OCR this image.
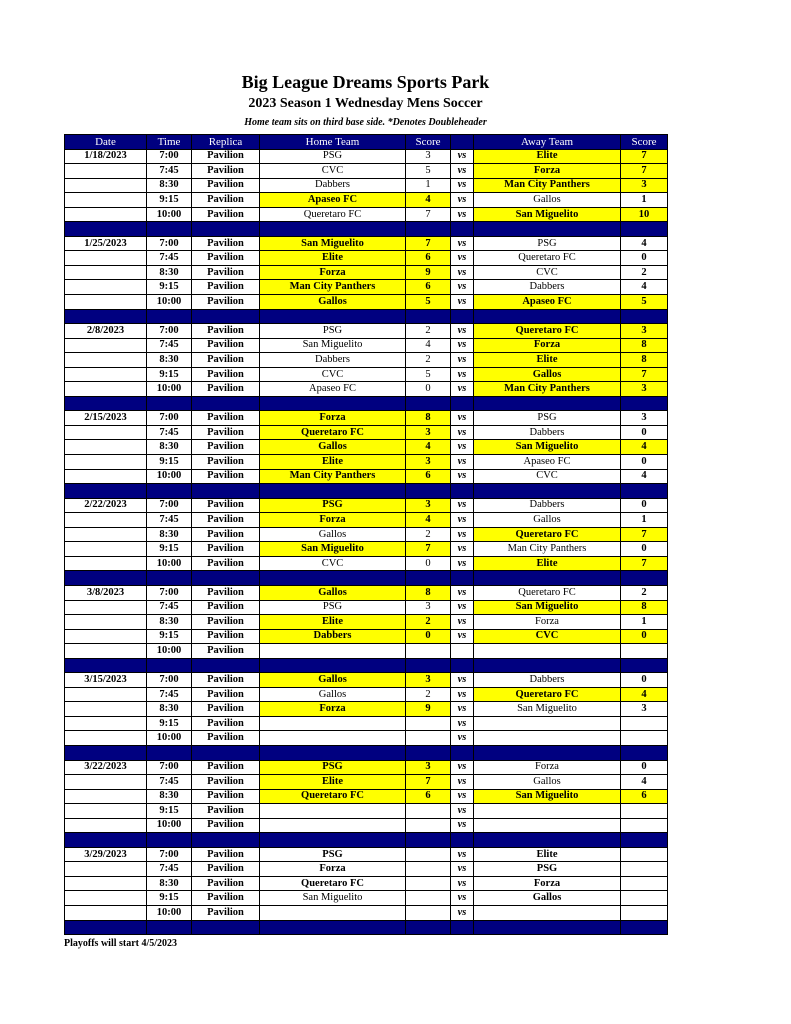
Big League Dreams Sports Park
2023 Season 1 Wednesday Mens Soccer
Home team sits on third base side. *Denotes Doubleheader
Date	Time	Replica	Home Team	Score		Away Team	Score
1/18/2023	7:00	Pavilion	PSG	3	vs	Elite	7
	7:45	Pavilion	CVC	5	vs	Forza	7
	8:30	Pavilion	Dabbers	1	vs	Man City Panthers	3
	9:15	Pavilion	Apaseo FC	4	vs	Gallos	1
	10:00	Pavilion	Queretaro FC	7	vs	San Miguelito	10

1/25/2023	7:00	Pavilion	San Miguelito	7	vs	PSG	4
	7:45	Pavilion	Elite	6	vs	Queretaro FC	0
	8:30	Pavilion	Forza	9	vs	CVC	2
	9:15	Pavilion	Man City Panthers	6	vs	Dabbers	4
	10:00	Pavilion	Gallos	5	vs	Apaseo FC	5

2/8/2023	7:00	Pavilion	PSG	2	vs	Queretaro FC	3
	7:45	Pavilion	San Miguelito	4	vs	Forza	8
	8:30	Pavilion	Dabbers	2	vs	Elite	8
	9:15	Pavilion	CVC	5	vs	Gallos	7
	10:00	Pavilion	Apaseo FC	0	vs	Man City Panthers	3

2/15/2023	7:00	Pavilion	Forza	8	vs	PSG	3
	7:45	Pavilion	Queretaro FC	3	vs	Dabbers	0
	8:30	Pavilion	Gallos	4	vs	San Miguelito	4
	9:15	Pavilion	Elite	3	vs	Apaseo FC	0
	10:00	Pavilion	Man City Panthers	6	vs	CVC	4

2/22/2023	7:00	Pavilion	PSG	3	vs	Dabbers	0
	7:45	Pavilion	Forza	4	vs	Gallos	1
	8:30	Pavilion	Gallos	2	vs	Queretaro FC	7
	9:15	Pavilion	San Miguelito	7	vs	Man City Panthers	0
	10:00	Pavilion	CVC	0	vs	Elite	7

3/8/2023	7:00	Pavilion	Gallos	8	vs	Queretaro FC	2
	7:45	Pavilion	PSG	3	vs	San Miguelito	8
	8:30	Pavilion	Elite	2	vs	Forza	1
	9:15	Pavilion	Dabbers	0	vs	CVC	0
	10:00	Pavilion					

3/15/2023	7:00	Pavilion	Gallos	3	vs	Dabbers	0
	7:45	Pavilion	Gallos	2	vs	Queretaro FC	4
	8:30	Pavilion	Forza	9	vs	San Miguelito	3
	9:15	Pavilion			vs		
	10:00	Pavilion			vs		

3/22/2023	7:00	Pavilion	PSG	3	vs	Forza	0
	7:45	Pavilion	Elite	7	vs	Gallos	4
	8:30	Pavilion	Queretaro FC	6	vs	San Miguelito	6
	9:15	Pavilion			vs		
	10:00	Pavilion			vs		

3/29/2023	7:00	Pavilion	PSG		vs	Elite	
	7:45	Pavilion	Forza		vs	PSG	
	8:30	Pavilion	Queretaro FC		vs	Forza	
	9:15	Pavilion	San Miguelito		vs	Gallos	
	10:00	Pavilion			vs		

Playoffs will start 4/5/2023
